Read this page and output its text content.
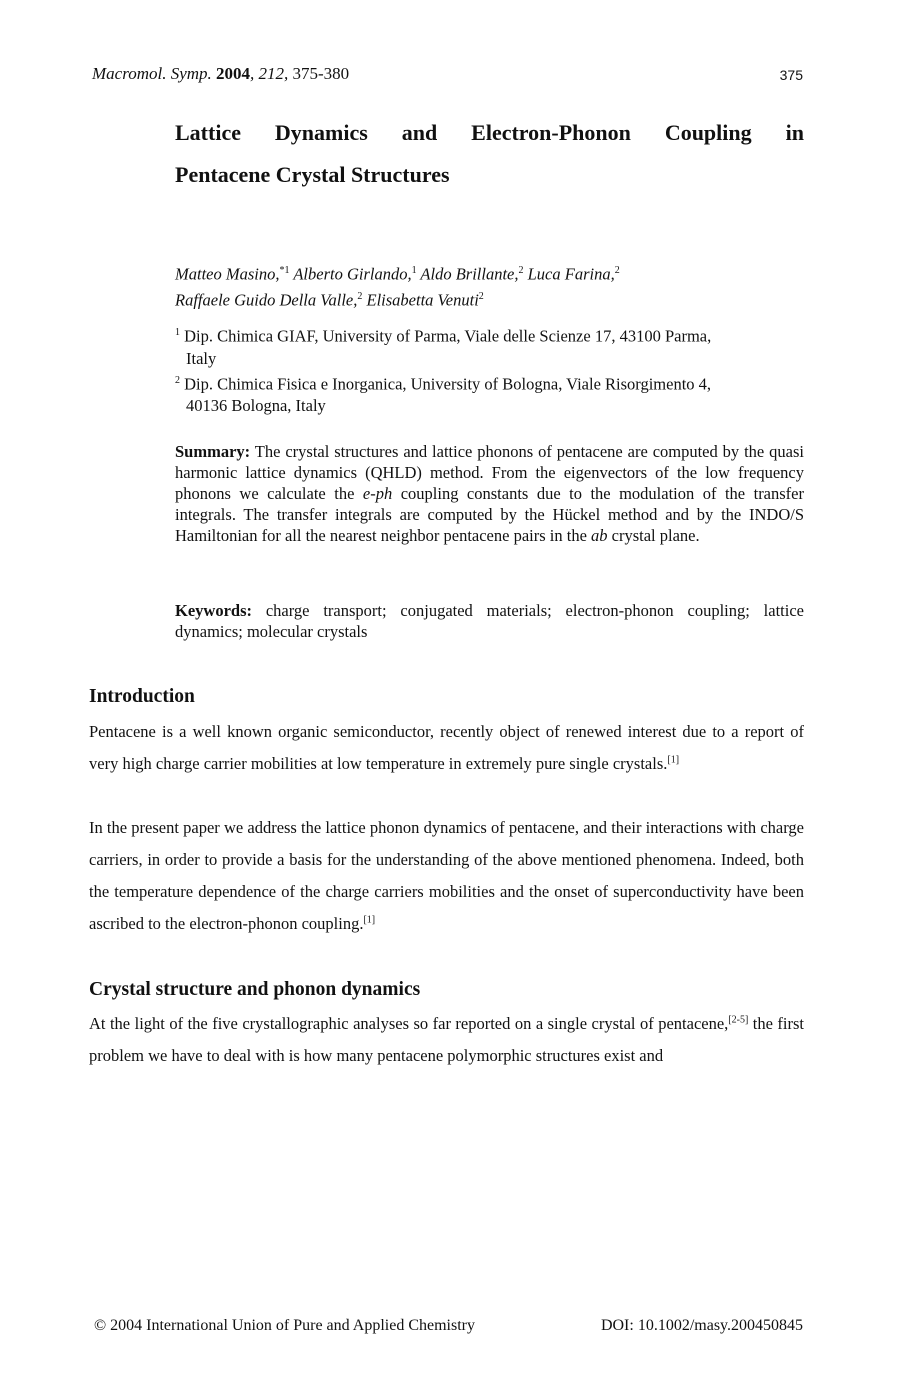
Macromol. Symp. 2004, 212, 375-380	375
Lattice Dynamics and Electron-Phonon Coupling in
Pentacene Crystal Structures
Matteo Masino,$^{*1}$ Alberto Girlando,$^1$ Aldo Brillante,$^2$ Luca Farina,$^2$
Raffaele Guido Della Valle,$^2$ Elisabetta Venuti$^2$
$^1$ Dip. Chimica GIAF, University of Parma, Viale delle Scienze 17, 43100 Parma,
Italy
$^2$ Dip. Chimica Fisica e Inorganica, University of Bologna, Viale Risorgimento 4,
40136 Bologna, Italy
Summary: The crystal structures and lattice phonons of pentacene are computed by the quasi harmonic lattice dynamics (QHLD) method. From the eigenvectors of the low frequency phonons we calculate the e-ph coupling constants due to the modulation of the transfer integrals. The transfer integrals are computed by the Hückel method and by the INDO/S Hamiltonian for all the nearest neighbor pentacene pairs in the ab crystal plane.
Keywords: charge transport; conjugated materials; electron-phonon coupling; lattice dynamics; molecular crystals
Introduction
Pentacene is a well known organic semiconductor, recently object of renewed interest due to a report of very high charge carrier mobilities at low temperature in extremely pure single crystals.[1]
In the present paper we address the lattice phonon dynamics of pentacene, and their interactions with charge carriers, in order to provide a basis for the understanding of the above mentioned phenomena. Indeed, both the temperature dependence of the charge carriers mobilities and the onset of superconductivity have been ascribed to the electron-phonon coupling.[1]
Crystal structure and phonon dynamics
At the light of the five crystallographic analyses so far reported on a single crystal of pentacene,[2-5] the first problem we have to deal with is how many pentacene polymorphic structures exist and
© 2004 International Union of Pure and Applied Chemistry	DOI: 10.1002/masy.200450845
